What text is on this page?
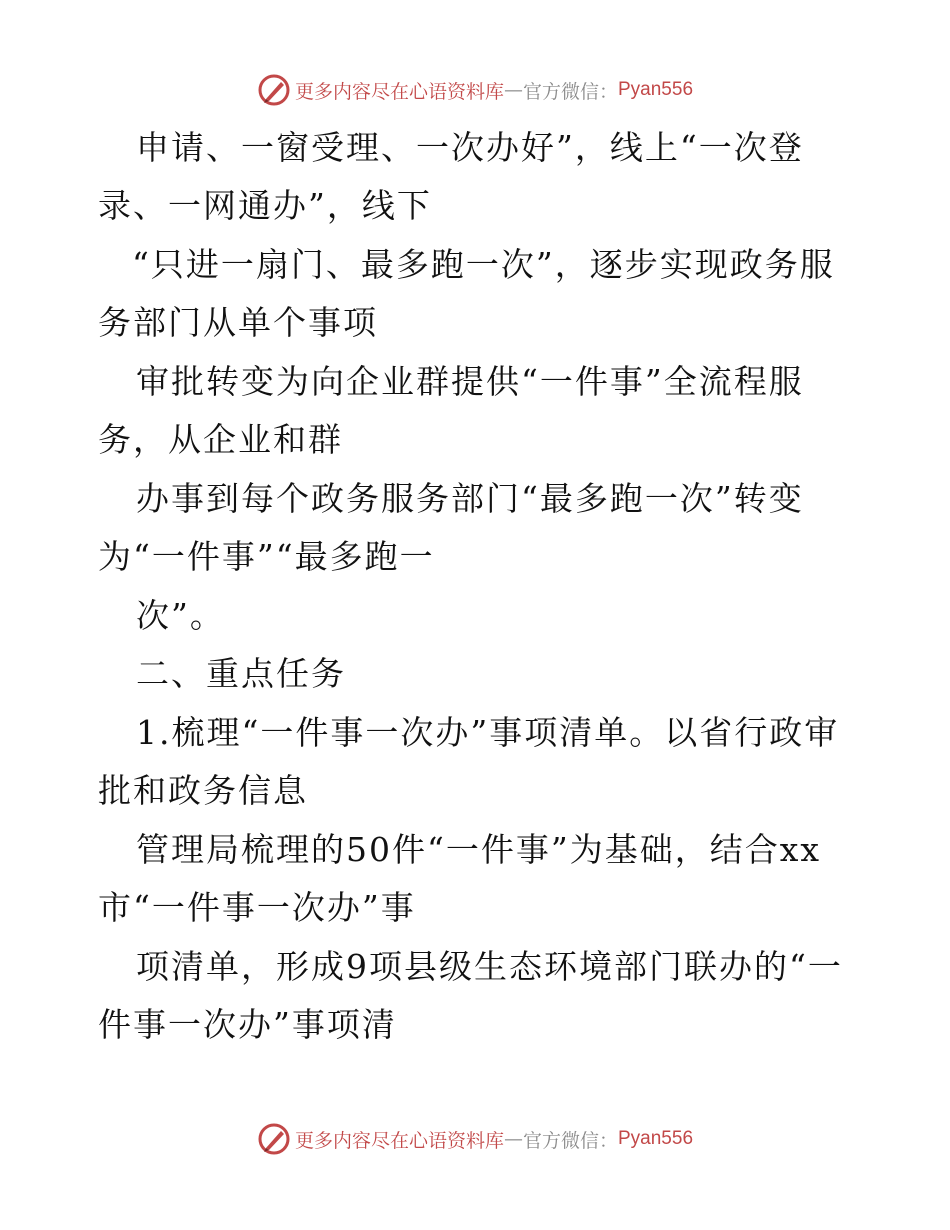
更多内容尽在心语资料库 — 官方微信： Pyan556
申请、一窗受理、一次办好”，线上“一次登
录、一网通办”，线下
“只进一扇门、最多跑一次”，逐步实现政务服
务部门从单个事项
审批转变为向企业群提供“一件事”全流程服
务，从企业和群
办事到每个政务服务部门“最多跑一次”转变
为“一件事”“最多跑一
次”。
二、重点任务
1.梳理“一件事一次办”事项清单。以省行政审
批和政务信息
管理局梳理的50件“一件事”为基础，结合xx
市“一件事一次办”事
项清单，形成9项县级生态环境部门联办的“一
件事一次办”事项清
更多内容尽在心语资料库 — 官方微信： Pyan556
